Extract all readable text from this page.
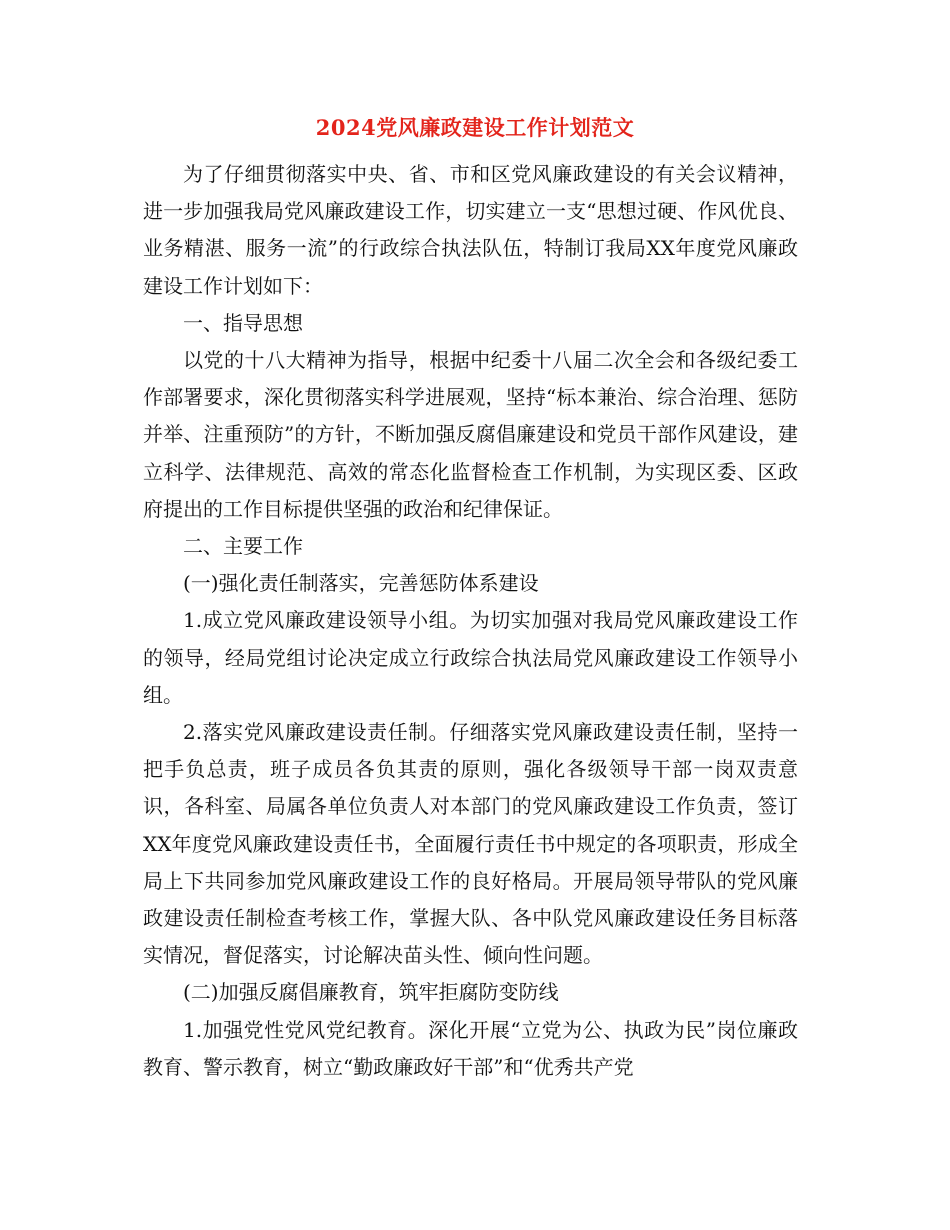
2024党风廉政建设工作计划范文

为了仔细贯彻落实中央、省、市和区党风廉政建设的有关会议精神，进一步加强我局党风廉政建设工作，切实建立一支“思想过硬、作风优良、业务精湛、服务一流”的行政综合执法队伍，特制订我局XX年度党风廉政建设工作计划如下：

一、指导思想

以党的十八大精神为指导，根据中纪委十八届二次全会和各级纪委工作部署要求，深化贯彻落实科学进展观，坚持“标本兼治、综合治理、惩防并举、注重预防”的方针，不断加强反腐倡廉建设和党员干部作风建设，建立科学、法律规范、高效的常态化监督检查工作机制，为实现区委、区政府提出的工作目标提供坚强的政治和纪律保证。

二、主要工作

(一)强化责任制落实，完善惩防体系建设

1.成立党风廉政建设领导小组。为切实加强对我局党风廉政建设工作的领导，经局党组讨论决定成立行政综合执法局党风廉政建设工作领导小组。

2.落实党风廉政建设责任制。仔细落实党风廉政建设责任制，坚持一把手负总责，班子成员各负其责的原则，强化各级领导干部一岗双责意识，各科室、局属各单位负责人对本部门的党风廉政建设工作负责，签订XX年度党风廉政建设责任书，全面履行责任书中规定的各项职责，形成全局上下共同参加党风廉政建设工作的良好格局。开展局领导带队的党风廉政建设责任制检查考核工作，掌握大队、各中队党风廉政建设任务目标落实情况，督促落实，讨论解决苗头性、倾向性问题。

(二)加强反腐倡廉教育，筑牢拒腐防变防线

1.加强党性党风党纪教育。深化开展“立党为公、执政为民”岗位廉政教育、警示教育，树立“勤政廉政好干部”和“优秀共产党
